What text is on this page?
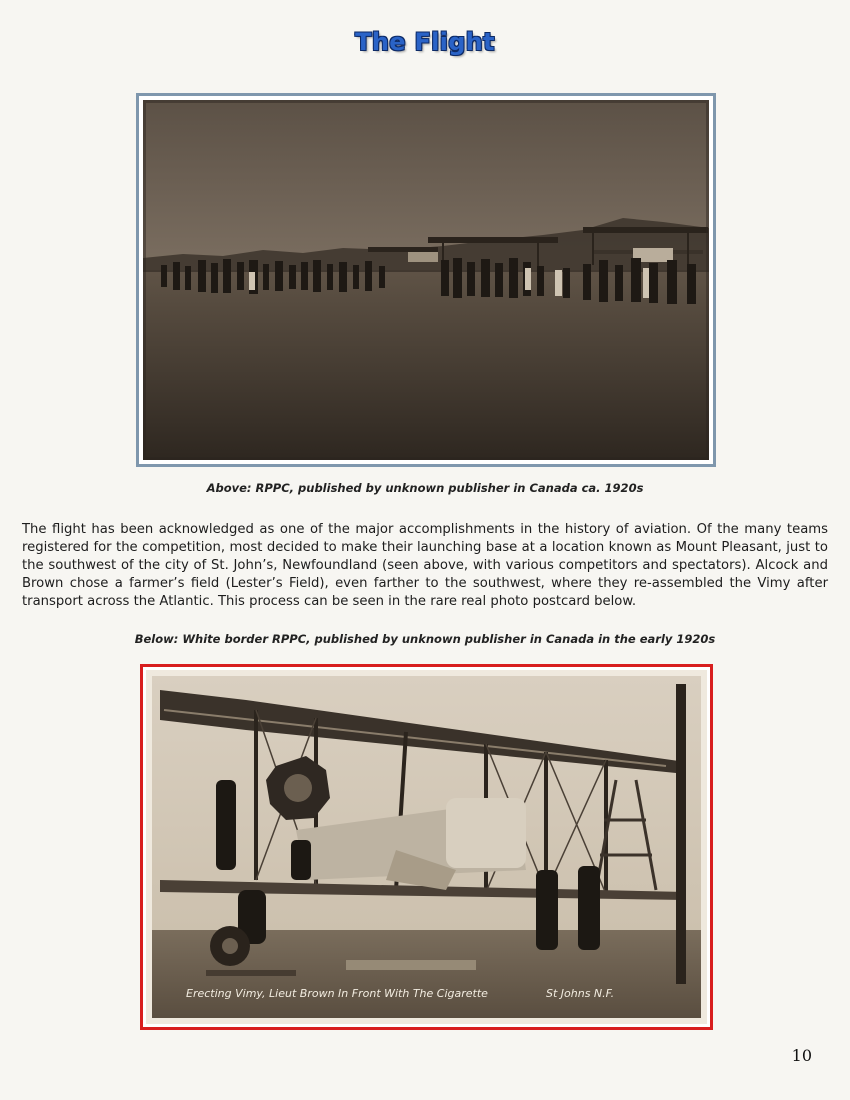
The Flight
Above: RPPC, published by unknown publisher in Canada ca. 1920s
The flight has been acknowledged as one of the major accomplishments in the history of aviation. Of the many teams registered for the competition, most decided to make their launching base at a location known as Mount Pleasant, just to the southwest of the city of St. John’s, Newfoundland (seen above, with various competitors and spectators). Alcock and Brown chose a farmer’s field (Lester’s Field), even farther to the southwest, where they re-assembled the Vimy after transport across the Atlantic. This process can be seen in the rare real photo postcard below.
Below: White border RPPC, published by unknown publisher in Canada in the early 1920s
Erecting Vimy, Lieut Brown In Front With The Cigarette	St Johns N.F.
10
